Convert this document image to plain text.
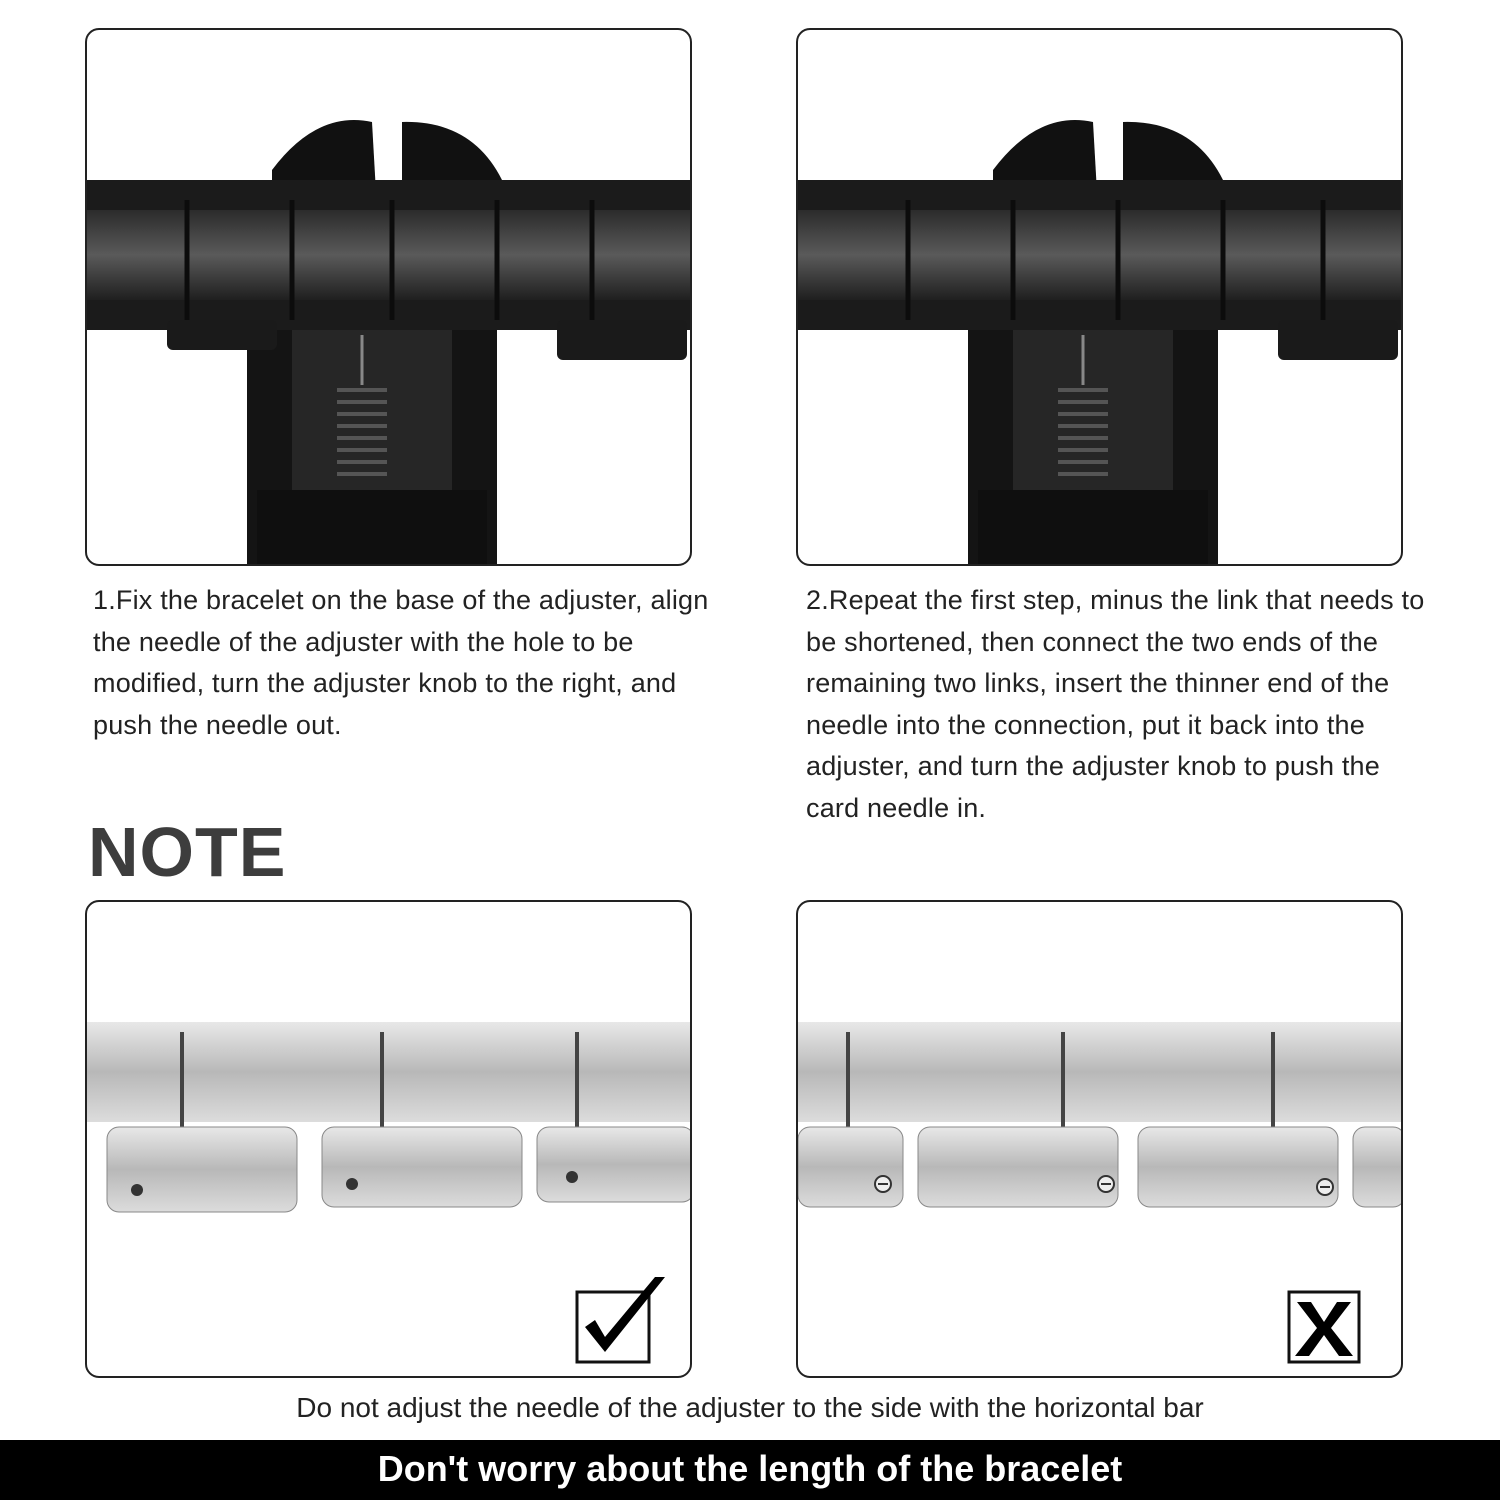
1.Fix the bracelet on the base of the adjuster, align the needle of the adjuster with the hole to be modified, turn the adjuster knob to the right, and push the needle out.

2.Repeat the first step, minus the link that needs to be shortened, then connect the two ends of the remaining two links, insert the thinner end of the needle into the connection, put it back into the adjuster, and turn the adjuster knob to push the card needle in.

NOTE
Do not adjust the needle of the adjuster to the side with the horizontal bar
Don't worry about the length of the bracelet
